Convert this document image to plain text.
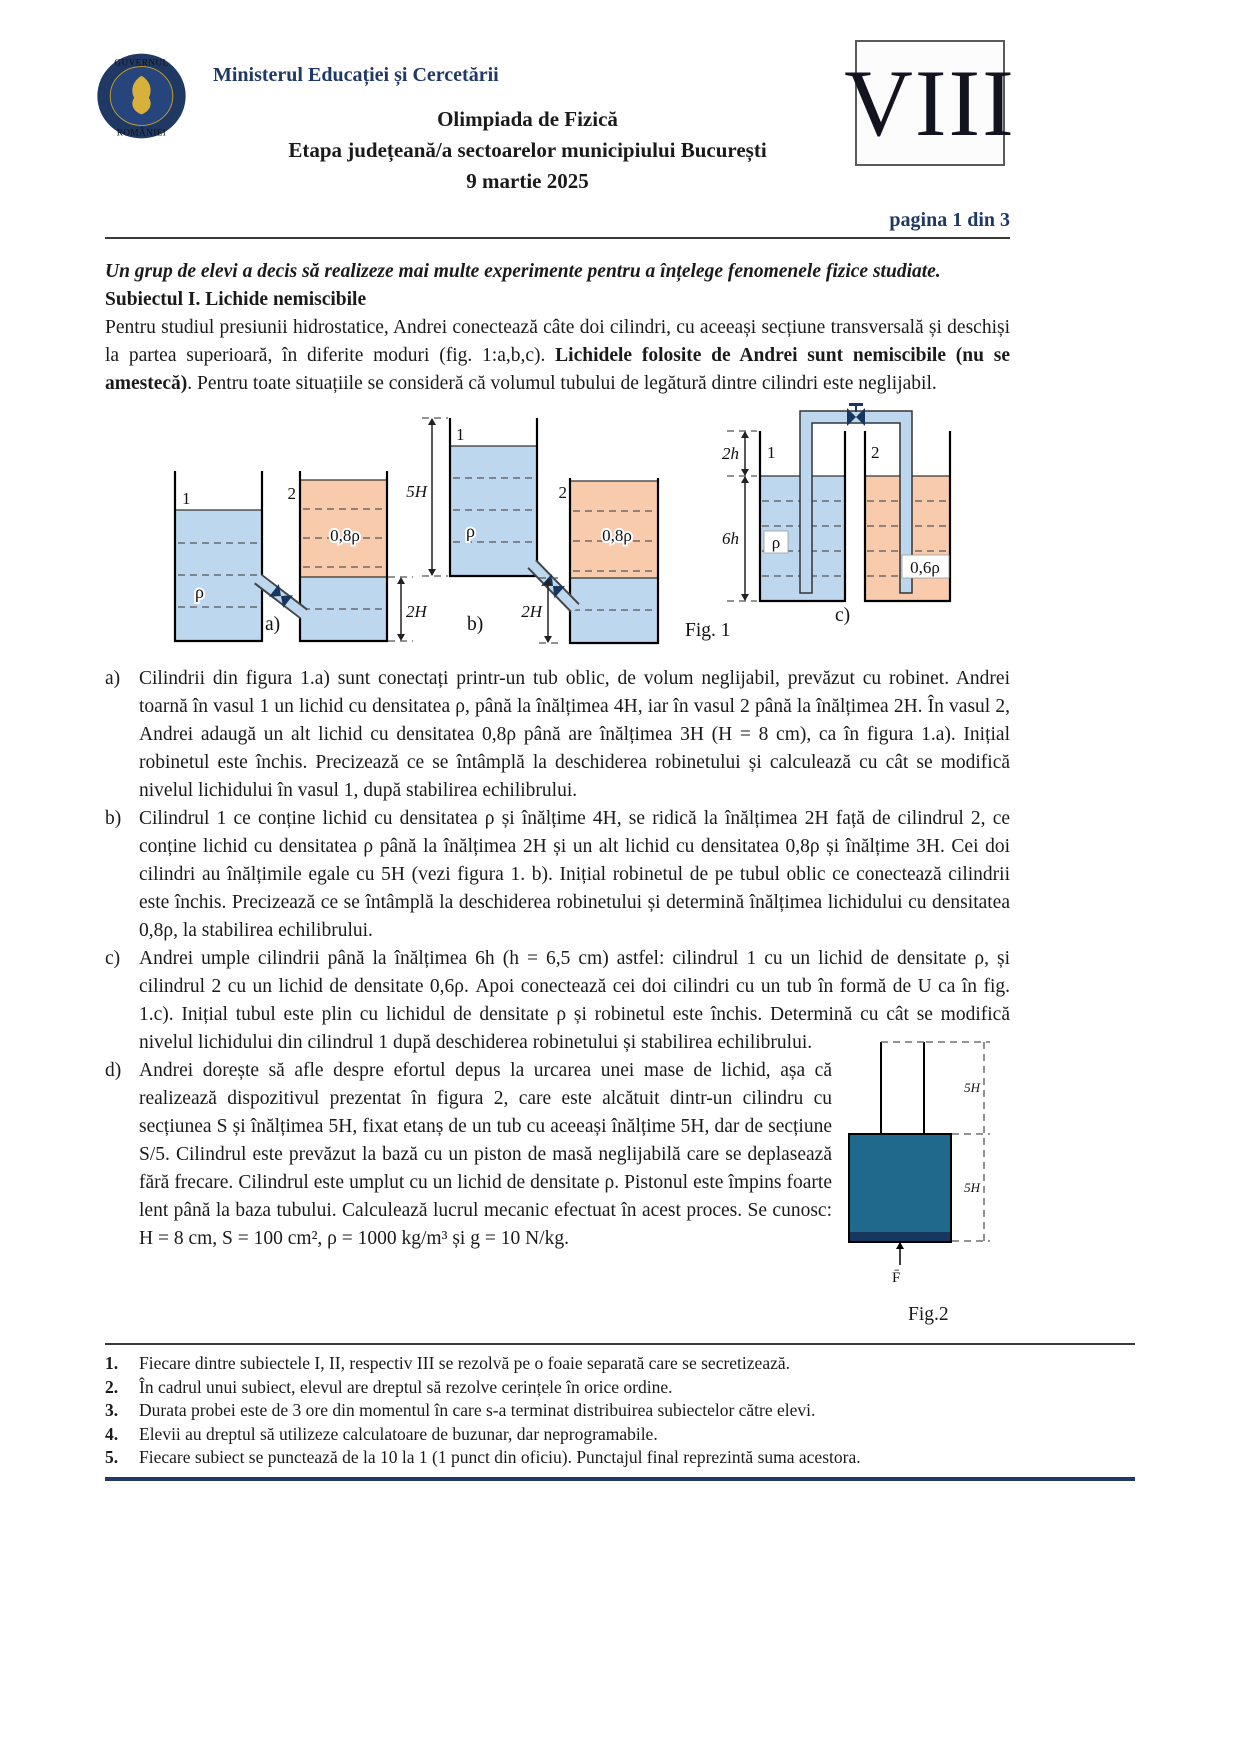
GUVERNUL
ROMÂNIEI
Ministerul Educației și Cercetării	VIII
Olimpiada de Fizică
Etapa județeană/a sectoarelor municipiului București
9 martie 2025
pagina 1 din 3
Un grup de elevi a decis să realizeze mai multe experimente pentru a înțelege fenomenele fizice studiate.
Subiectul I. Lichide nemiscibile

Pentru studiul presiunii hidrostatice, Andrei conectează câte doi cilindri, cu aceeași secțiune transversală și deschiși la partea superioară, în diferite moduri (fig. 1:a,b,c). Lichidele folosite de Andrei sunt nemiscibile (nu se amestecă). Pentru toate situațiile se consideră că volumul tubului de legătură dintre cilindri este neglijabil.

2H
1	2
ρ
0,8ρ
a)
5H
2H
1
2
ρ	0,8ρ
b)
2h
6h
1	2
ρ
0,6ρ
c)
Fig. 1
a) Cilindrii din figura 1.a) sunt conectați printr-un tub oblic, de volum neglijabil, prevăzut cu robinet. Andrei toarnă în vasul 1 un lichid cu densitatea ρ, până la înălțimea 4H, iar în vasul 2 până la înălțimea 2H. În vasul 2, Andrei adaugă un alt lichid cu densitatea 0,8ρ până are înălțimea 3H (H = 8 cm), ca în figura 1.a). Inițial robinetul este închis. Precizează ce se întâmplă la deschiderea robinetului și calculează cu cât se modifică nivelul lichidului în vasul 1, după stabilirea echilibrului.
b) Cilindrul 1 ce conține lichid cu densitatea ρ și înălțime 4H, se ridică la înălțimea 2H față de cilindrul 2, ce conține lichid cu densitatea ρ până la înălțimea 2H și un alt lichid cu densitatea 0,8ρ și înălțime 3H. Cei doi cilindri au înălțimile egale cu 5H (vezi figura 1. b). Inițial robinetul de pe tubul oblic ce conectează cilindrii este închis. Precizează ce se întâmplă la deschiderea robinetului și determină înălțimea lichidului cu densitatea 0,8ρ, la stabilirea echilibrului.
c) Andrei umple cilindrii până la înălțimea 6h (h = 6,5 cm) astfel: cilindrul 1 cu un lichid de densitate ρ, și cilindrul 2 cu un lichid de densitate 0,6ρ. Apoi conectează cei doi cilindri cu un tub în formă de U ca în fig. 1.c). Inițial tubul este plin cu lichidul de densitate ρ și robinetul este închis. Determină cu cât se modifică nivelul lichidului din cilindrul 1 după deschiderea robinetului și stabilirea echilibrului.
d)
5H
5H
F̄
Fig.2
Andrei dorește să afle despre efortul depus la urcarea unei mase de lichid, așa că realizează dispozitivul prezentat în figura 2, care este alcătuit dintr-un cilindru cu secțiunea S și înălțimea 5H, fixat etanș de un tub cu aceeași înălțime 5H, dar de secțiune S/5. Cilindrul este prevăzut la bază cu un piston de masă neglijabilă care se deplasează fără frecare. Cilindrul este umplut cu un lichid de densitate ρ. Pistonul este împins foarte lent până la baza tubului. Calculează lucrul mecanic efectuat în acest proces. Se cunosc: H = 8 cm, S = 100 cm², ρ = 1000 kg/m³ și g = 10 N/kg.
1.	Fiecare dintre subiectele I, II, respectiv III se rezolvă pe o foaie separată care se secretizează.
2.	În cadrul unui subiect, elevul are dreptul să rezolve cerințele în orice ordine.
3.	Durata probei este de 3 ore din momentul în care s-a terminat distribuirea subiectelor către elevi.
4.	Elevii au dreptul să utilizeze calculatoare de buzunar, dar neprogramabile.
5.	Fiecare subiect se punctează de la 10 la 1 (1 punct din oficiu). Punctajul final reprezintă suma acestora.
